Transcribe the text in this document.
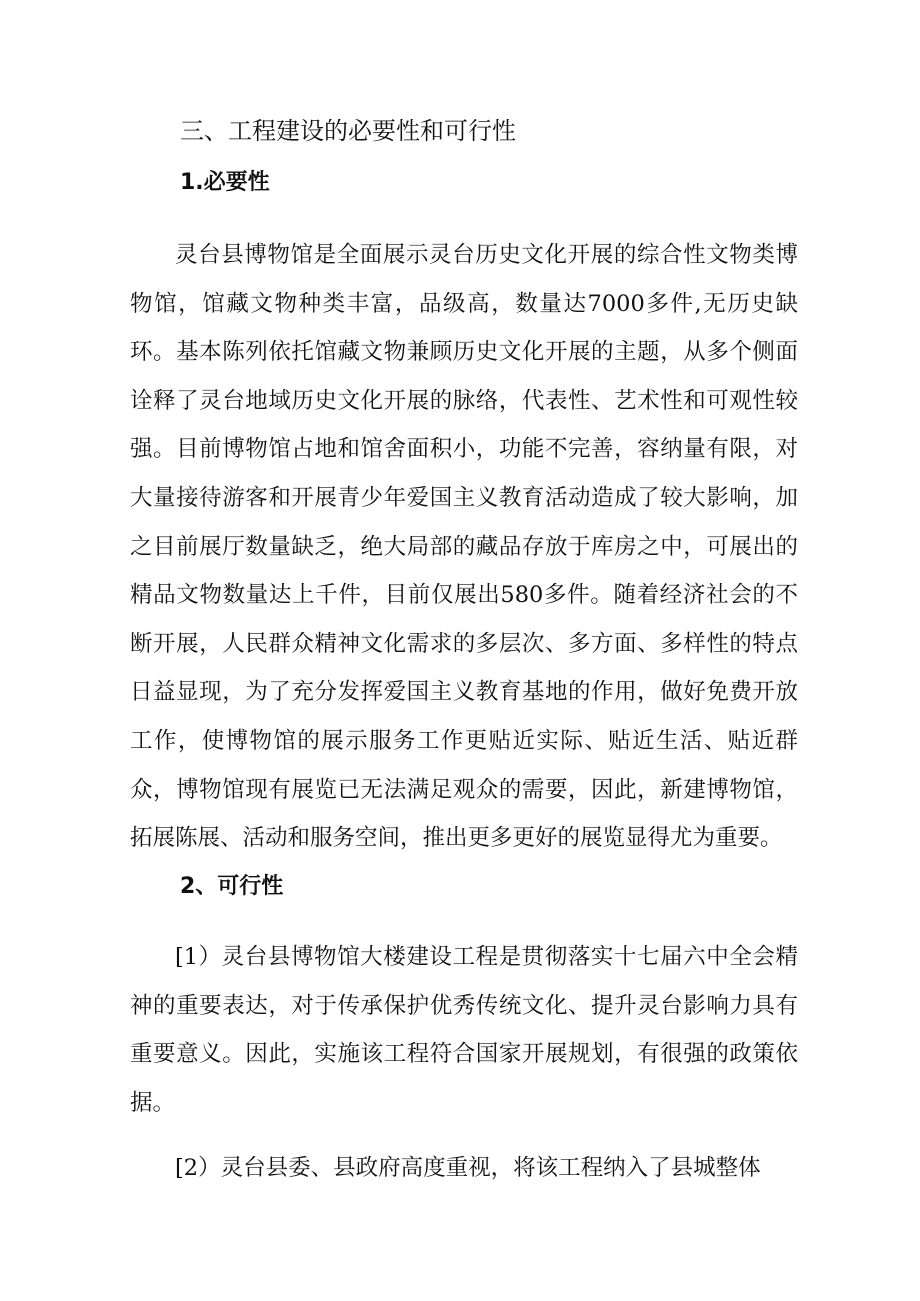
三、工程建设的必要性和可行性
1.必要性

灵台县博物馆是全面展示灵台历史文化开展的综合性文物类博物馆，馆藏文物种类丰富，品级高，数量达7000多件,无历史缺环。基本陈列依托馆藏文物兼顾历史文化开展的主题，从多个侧面诠释了灵台地域历史文化开展的脉络，代表性、艺术性和可观性较强。目前博物馆占地和馆舍面积小，功能不完善，容纳量有限，对大量接待游客和开展青少年爱国主义教育活动造成了较大影响，加之目前展厅数量缺乏，绝大局部的藏品存放于库房之中，可展出的精品文物数量达上千件，目前仅展出580多件。随着经济社会的不断开展，人民群众精神文化需求的多层次、多方面、多样性的特点日益显现，为了充分发挥爱国主义教育基地的作用，做好免费开放工作，使博物馆的展示服务工作更贴近实际、贴近生活、贴近群众，博物馆现有展览已无法满足观众的需要，因此，新建博物馆，拓展陈展、活动和服务空间，推出更多更好的展览显得尤为重要。

2、可行性

[1）灵台县博物馆大楼建设工程是贯彻落实十七届六中全会精神的重要表达，对于传承保护优秀传统文化、提升灵台影响力具有重要意义。因此，实施该工程符合国家开展规划，有很强的政策依据。

[2）灵台县委、县政府高度重视，将该工程纳入了县城整体
